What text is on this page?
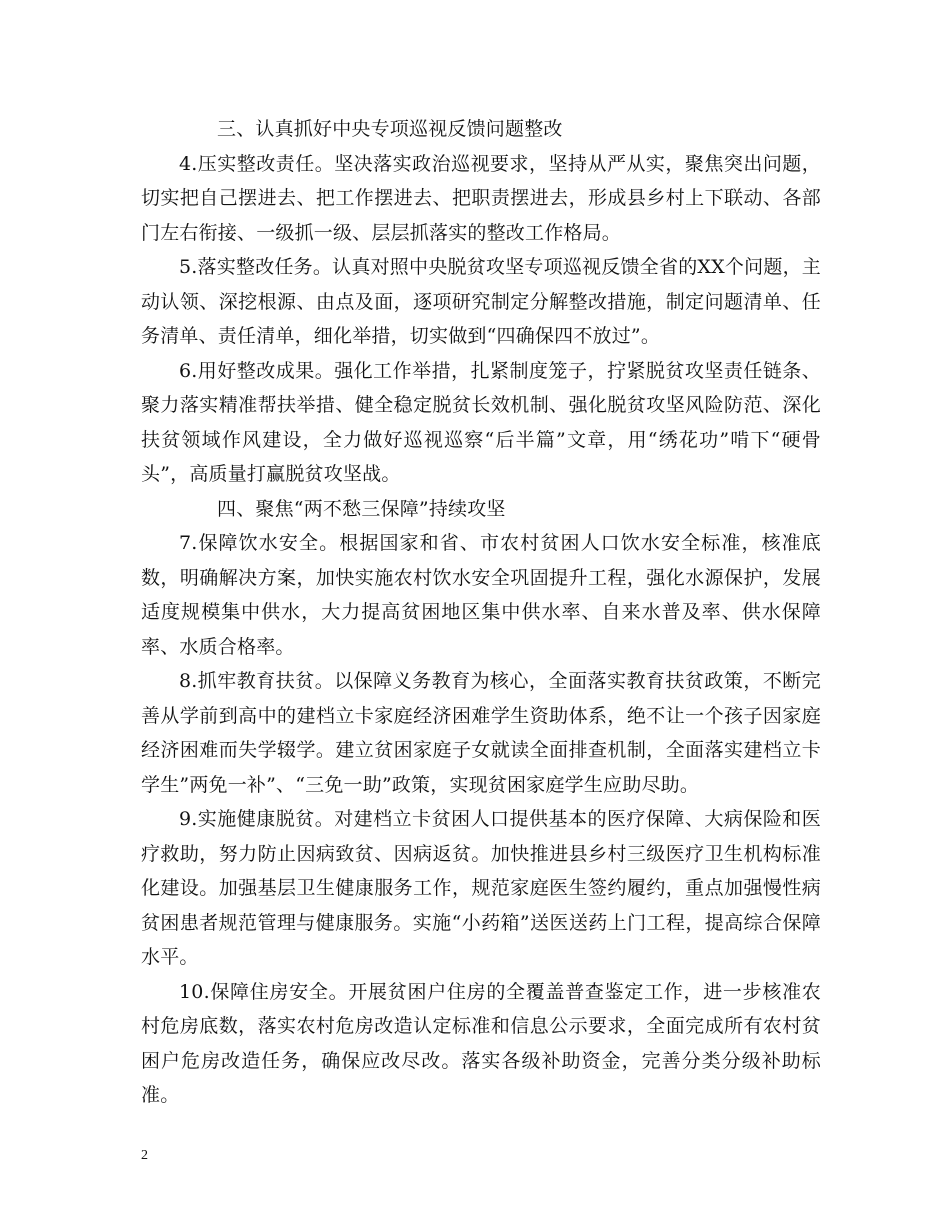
三、认真抓好中央专项巡视反馈问题整改

4.压实整改责任。坚决落实政治巡视要求，坚持从严从实，聚焦突出问题，切实把自己摆进去、把工作摆进去、把职责摆进去，形成县乡村上下联动、各部门左右衔接、一级抓一级、层层抓落实的整改工作格局。

5.落实整改任务。认真对照中央脱贫攻坚专项巡视反馈全省的XX个问题，主动认领、深挖根源、由点及面，逐项研究制定分解整改措施，制定问题清单、任务清单、责任清单，细化举措，切实做到“四确保四不放过”。

6.用好整改成果。强化工作举措，扎紧制度笼子，拧紧脱贫攻坚责任链条、聚力落实精准帮扶举措、健全稳定脱贫长效机制、强化脱贫攻坚风险防范、深化扶贫领域作风建设，全力做好巡视巡察“后半篇”文章，用“绣花功”啃下“硬骨头”，高质量打赢脱贫攻坚战。

四、聚焦“两不愁三保障”持续攻坚

7.保障饮水安全。根据国家和省、市农村贫困人口饮水安全标准，核准底数，明确解决方案，加快实施农村饮水安全巩固提升工程，强化水源保护，发展适度规模集中供水，大力提高贫困地区集中供水率、自来水普及率、供水保障率、水质合格率。

8.抓牢教育扶贫。以保障义务教育为核心，全面落实教育扶贫政策，不断完善从学前到高中的建档立卡家庭经济困难学生资助体系，绝不让一个孩子因家庭经济困难而失学辍学。建立贫困家庭子女就读全面排查机制，全面落实建档立卡学生”两免一补”、“三免一助”政策，实现贫困家庭学生应助尽助。

9.实施健康脱贫。对建档立卡贫困人口提供基本的医疗保障、大病保险和医疗救助，努力防止因病致贫、因病返贫。加快推进县乡村三级医疗卫生机构标准化建设。加强基层卫生健康服务工作，规范家庭医生签约履约，重点加强慢性病贫困患者规范管理与健康服务。实施“小药箱”送医送药上门工程，提高综合保障水平。

10.保障住房安全。开展贫困户住房的全覆盖普查鉴定工作，进一步核准农村危房底数，落实农村危房改造认定标准和信息公示要求，全面完成所有农村贫困户危房改造任务，确保应改尽改。落实各级补助资金，完善分类分级补助标准。

2
